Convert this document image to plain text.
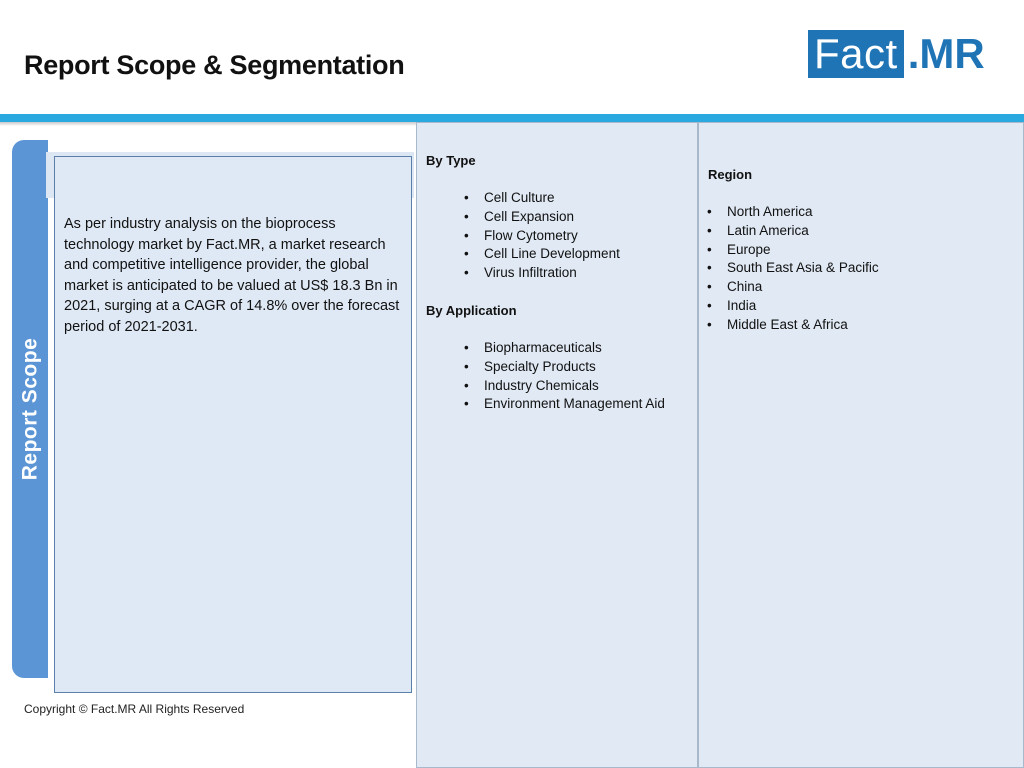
Report Scope & Segmentation	Fact .MR
Report Scope
As per industry analysis on the bioprocess technology market by Fact.MR, a market research and competitive intelligence provider, the global market is anticipated to be valued at US$ 18.3 Bn in 2021, surging at a CAGR of 14.8% over the forecast period of 2021-2031.
By Type
• Cell Culture
• Cell Expansion
• Flow Cytometry
• Cell Line Development
• Virus Infiltration
By Application
• Biopharmaceuticals
• Specialty Products
• Industry Chemicals
• Environment Management Aid
Region
• North America
• Latin America
• Europe
• South East Asia & Pacific
• China
• India
• Middle East & Africa
Copyright © Fact.MR All Rights Reserved
